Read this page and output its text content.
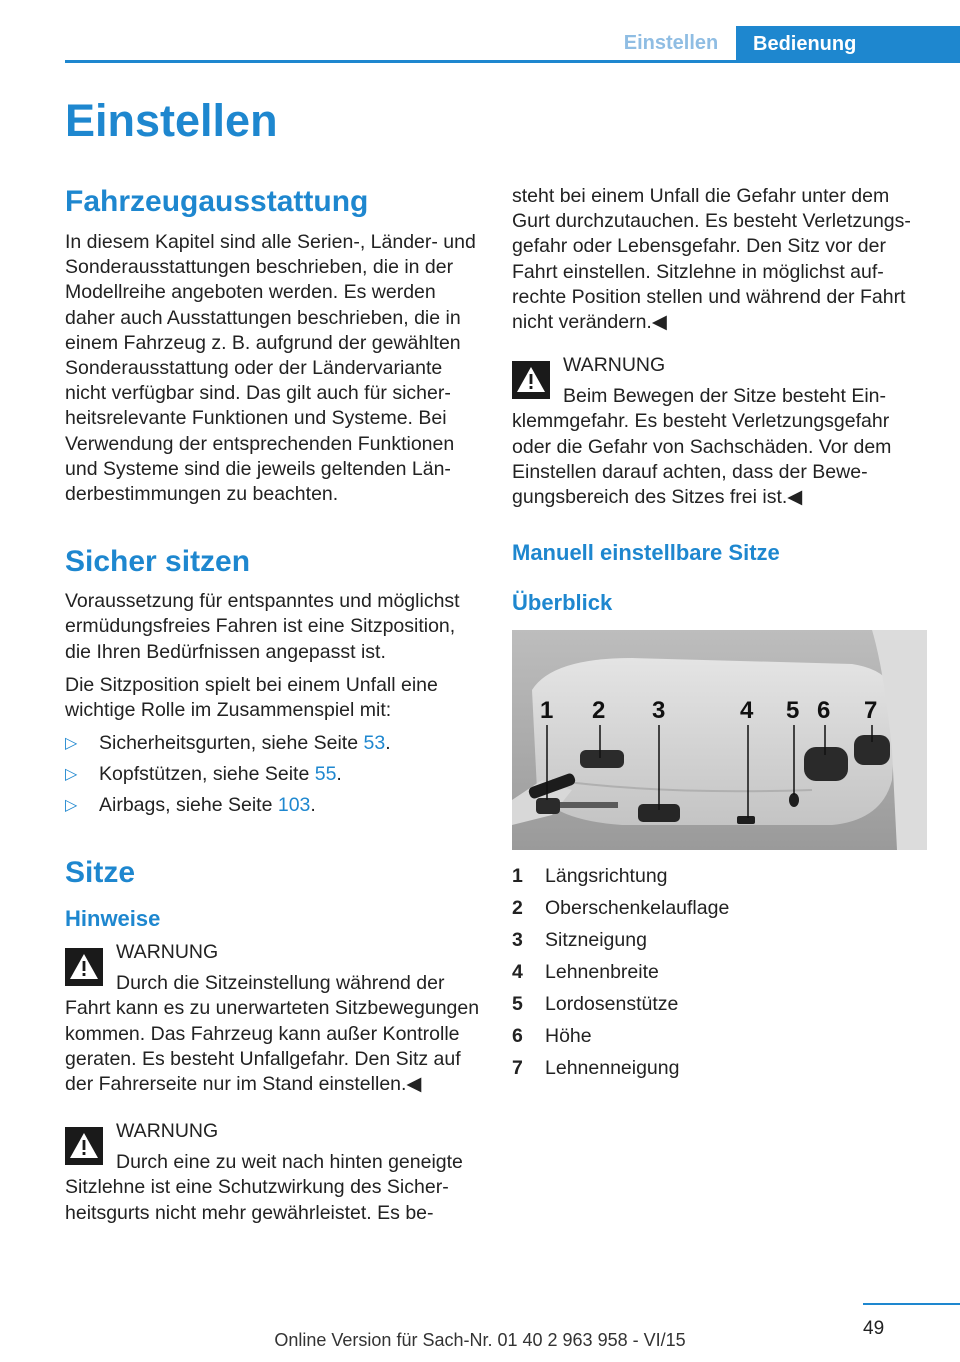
Einstellen	Bedienung
Einstellen
Fahrzeugausstattung

In diesem Kapitel sind alle Serien-, Länder- und Sonderausstattungen beschrieben, die in der Modellreihe angeboten werden. Es werden daher auch Ausstattungen beschrieben, die in einem Fahrzeug z. B. aufgrund der gewählten Sonderausstattung oder der Ländervariante nicht verfügbar sind. Das gilt auch für sicherheitsrelevante Funktionen und Systeme. Bei Verwendung der entsprechenden Funktionen und Systeme sind die jeweils geltenden Länderbestimmungen zu beachten.

Sicher sitzen

Voraussetzung für entspanntes und möglichst ermüdungsfreies Fahren ist eine Sitzposition, die Ihren Bedürfnissen angepasst ist.

Die Sitzposition spielt bei einem Unfall eine wichtige Rolle im Zusammenspiel mit:

▷ Sicherheitsgurten, siehe Seite 53.
▷ Kopfstützen, siehe Seite 55.
▷ Airbags, siehe Seite 103.
Sitze
Hinweise
WARNUNG

Durch die Sitzeinstellung während der Fahrt kann es zu unerwarteten Sitzbewegungen kommen. Das Fahrzeug kann außer Kontrolle geraten. Es besteht Unfallgefahr. Den Sitz auf der Fahrerseite nur im Stand einstellen.◀

WARNUNG

Durch eine zu weit nach hinten geneigte Sitzlehne ist eine Schutzwirkung des Sicherheitsgurts nicht mehr gewährleistet. Es be-

steht bei einem Unfall die Gefahr unter dem Gurt durchzutauchen. Es besteht Verletzungsgefahr oder Lebensgefahr. Den Sitz vor der Fahrt einstellen. Sitzlehne in möglichst aufrechte Position stellen und während der Fahrt nicht verändern.◀

WARNUNG

Beim Bewegen der Sitze besteht Einklemmgefahr. Es besteht Verletzungsgefahr oder die Gefahr von Sachschäden. Vor dem Einstellen darauf achten, dass der Bewegungsbereich des Sitzes frei ist.◀

Manuell einstellbare Sitze
Überblick
1 2 3	4 5 6 7
1	Längsrichtung
2	Oberschenkelauflage
3	Sitzneigung
4	Lehnenbreite
5	Lordosenstütze
6	Höhe
7	Lehnenneigung
49
Online Version für Sach-Nr. 01 40 2 963 958 - VI/15
